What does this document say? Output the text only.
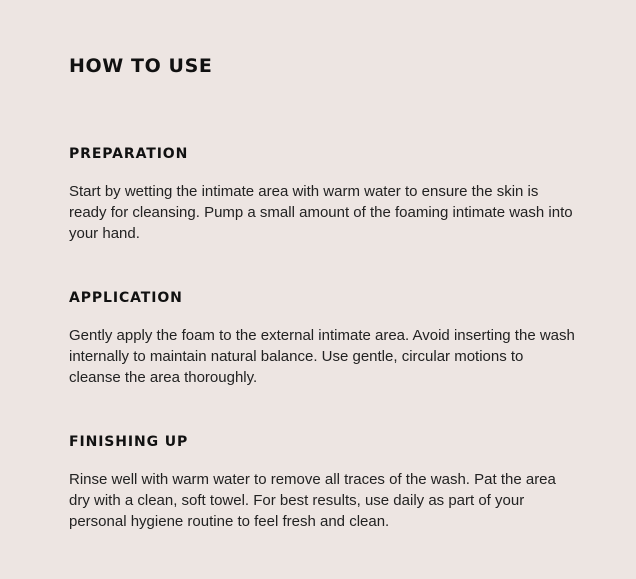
HOW TO USE
PREPARATION

Start by wetting the intimate area with warm water to ensure the skin is ready for cleansing. Pump a small amount of the foaming intimate wash into your hand.

APPLICATION

Gently apply the foam to the external intimate area. Avoid inserting the wash internally to maintain natural balance. Use gentle, circular motions to cleanse the area thoroughly.

FINISHING UP

Rinse well with warm water to remove all traces of the wash. Pat the area dry with a clean, soft towel. For best results, use daily as part of your personal hygiene routine to feel fresh and clean.
